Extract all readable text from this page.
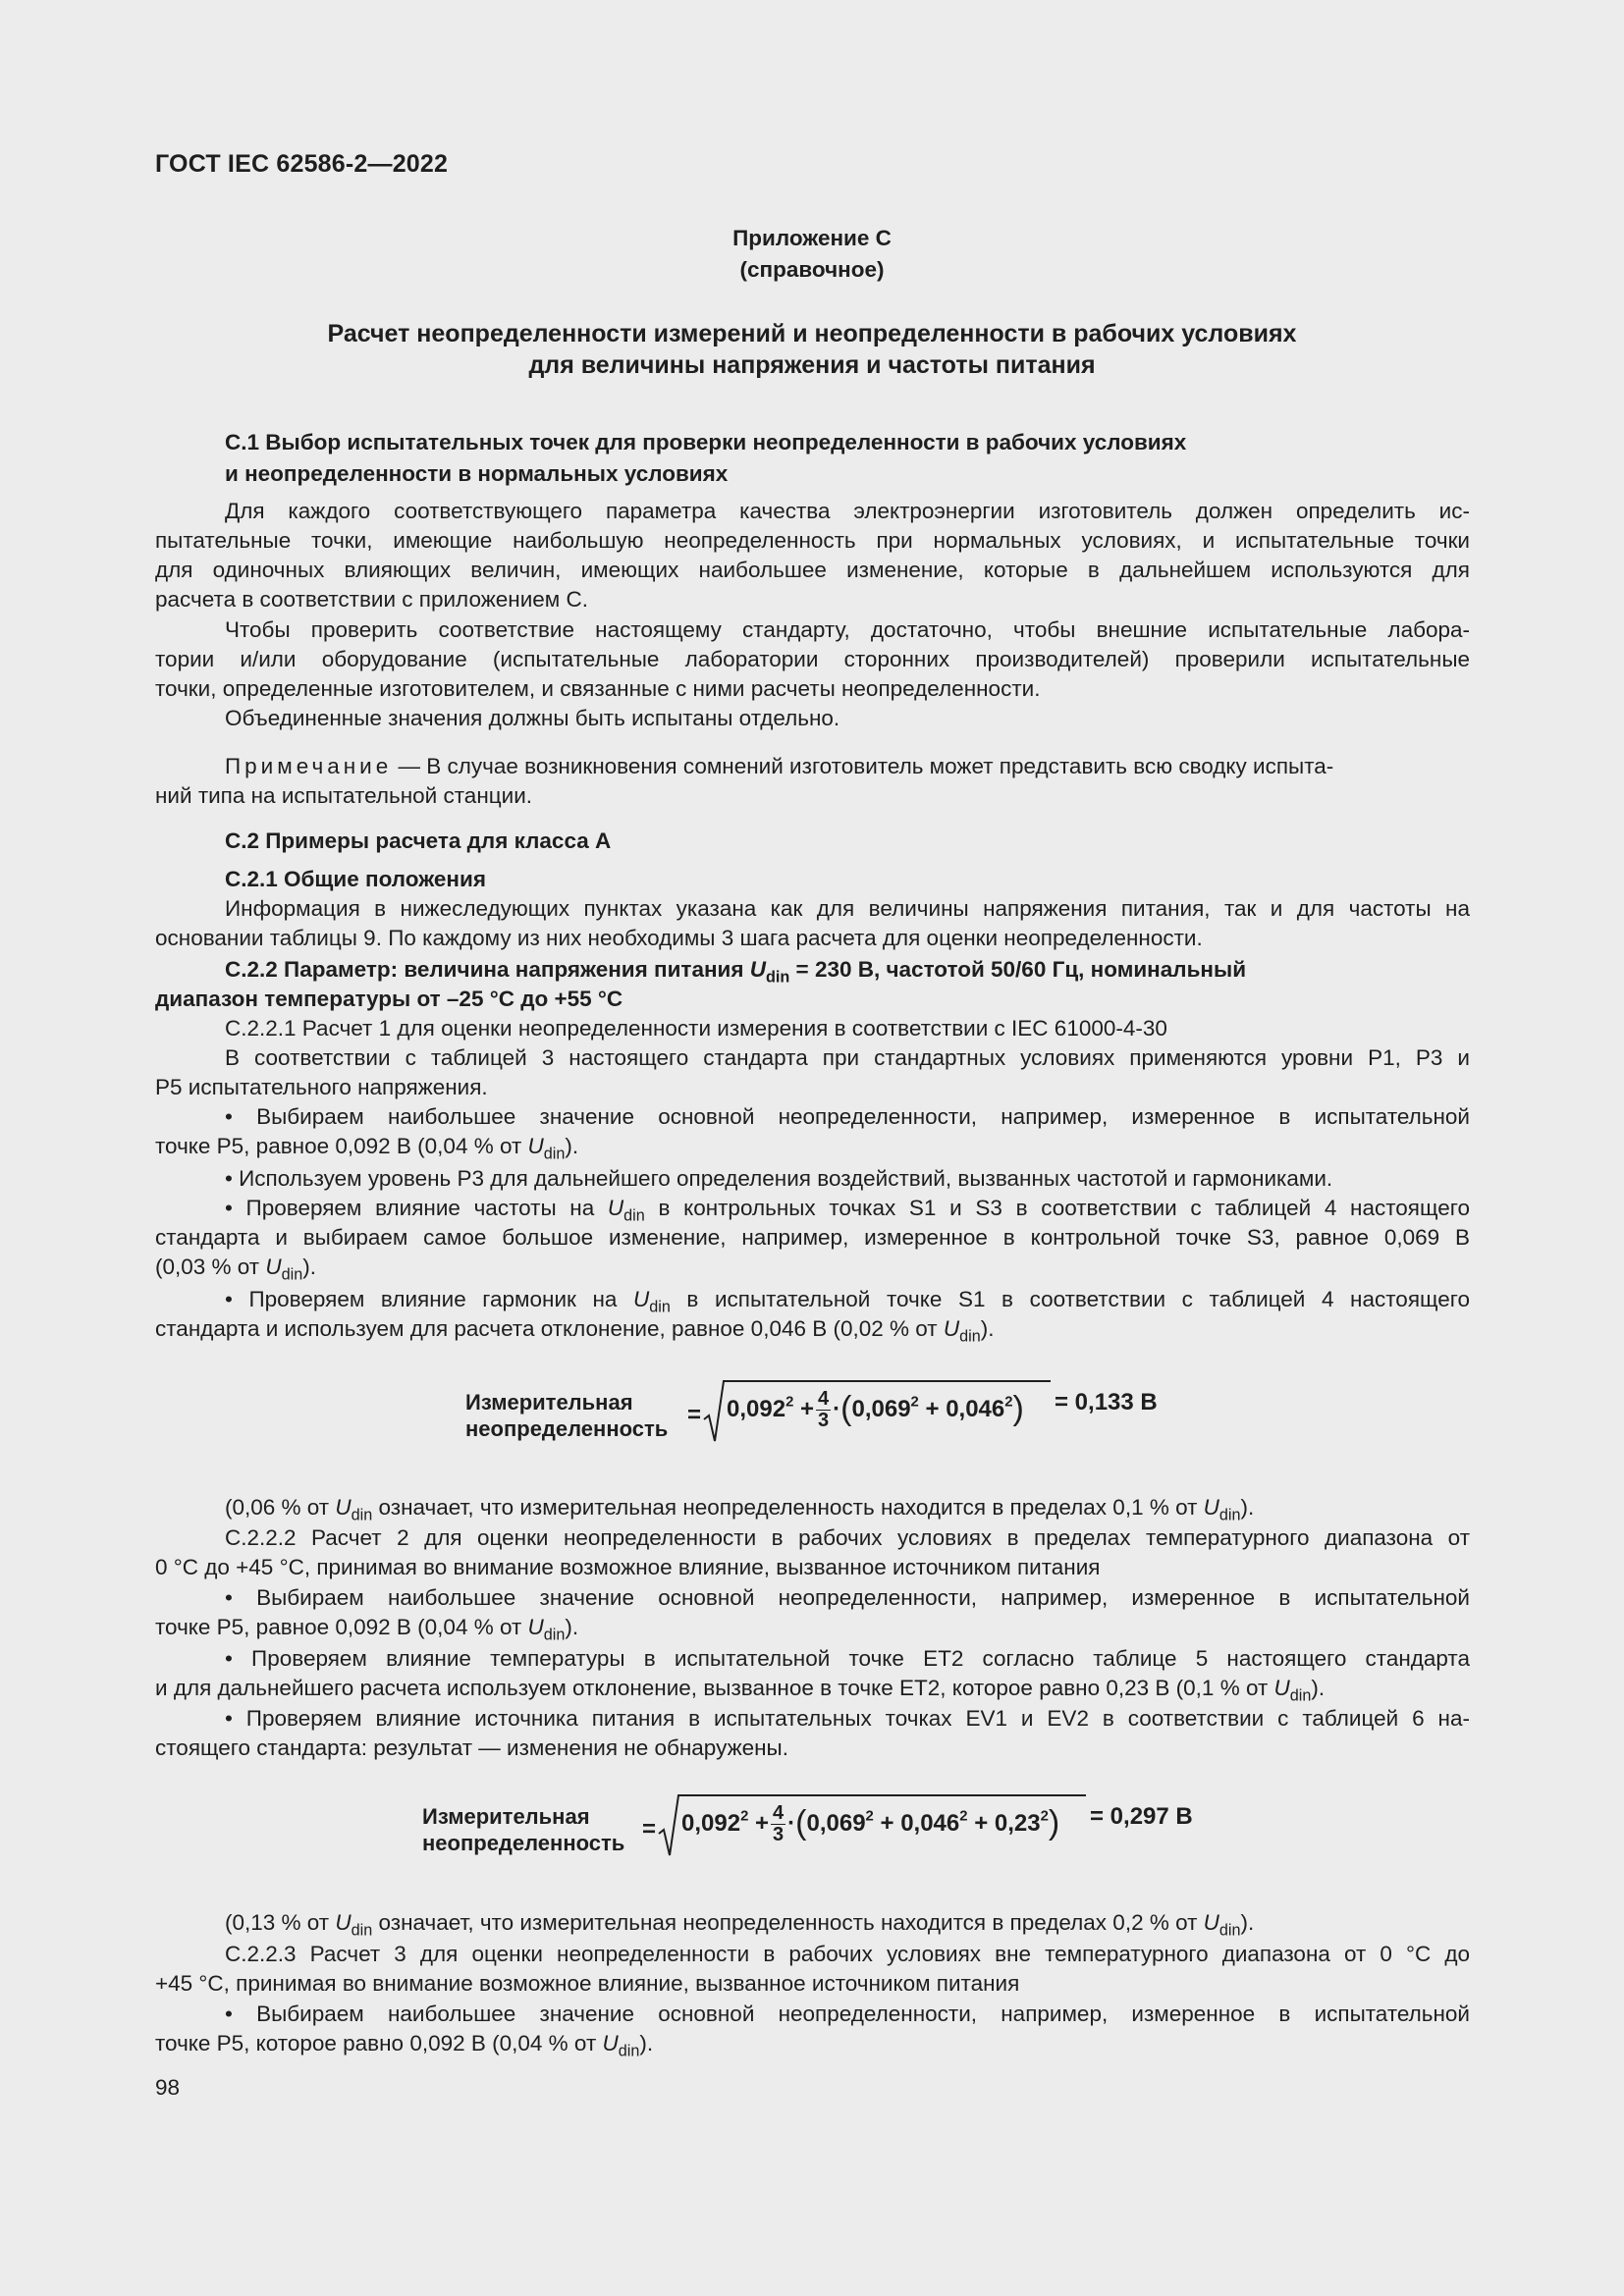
ГОСТ IEC 62586-2—2022
Приложение С
(справочное)
Расчет неопределенности измерений и неопределенности в рабочих условиях
для величины напряжения и частоты питания
С.1 Выбор испытательных точек для проверки неопределенности в рабочих условиях
и неопределенности в нормальных условиях
Для каждого соответствующего параметра качества электроэнергии изготовитель должен определить ис-
пытательные точки, имеющие наибольшую неопределенность при нормальных условиях, и испытательные точки
для одиночных влияющих величин, имеющих наибольшее изменение, которые в дальнейшем используются для
расчета в соответствии с приложением С.
Чтобы проверить соответствие настоящему стандарту, достаточно, чтобы внешние испытательные лабора-
тории и/или оборудование (испытательные лаборатории сторонних производителей) проверили испытательные
точки, определенные изготовителем, и связанные с ними расчеты неопределенности.
Объединенные значения должны быть испытаны отдельно.
Примечание — В случае возникновения сомнений изготовитель может представить всю сводку испыта-
ний типа на испытательной станции.
С.2 Примеры расчета для класса А
С.2.1 Общие положения
Информация в нижеследующих пунктах указана как для величины напряжения питания, так и для частоты на
основании таблицы 9. По каждому из них необходимы 3 шага расчета для оценки неопределенности.
С.2.2 Параметр: величина напряжения питания $U_{din} = 230$ В, частотой 50/60 Гц, номинальный
диапазон температуры от –25 °С до +55 °С
С.2.2.1 Расчет 1 для оценки неопределенности измерения в соответствии с IEC 61000-4-30
В соответствии с таблицей 3 настоящего стандарта при стандартных условиях применяются уровни Р1, Р3 и
Р5 испытательного напряжения.
• Выбираем наибольшее значение основной неопределенности, например, измеренное в испытательной
точке Р5, равное 0,092 В (0,04 % от $U_{din}$).
• Используем уровень Р3 для дальнейшего определения воздействий, вызванных частотой и гармониками.
• Проверяем влияние частоты на $U_{din}$ в контрольных точках S1 и S3 в соответствии с таблицей 4 настоящего
стандарта и выбираем самое большое изменение, например, измеренное в контрольной точке S3, равное 0,069 В
(0,03 % от $U_{din}$).
• Проверяем влияние гармоник на $U_{din}$ в испытательной точке S1 в соответствии с таблицей 4 настоящего
стандарта и используем для расчета отклонение, равное 0,046 В (0,02 % от $U_{din}$).
Измерительная
неопределенность
= $0,092^2 + \frac{4}{3} \cdot(0,069^2 + 0,046^2) = 0,133$ В
(0,06 % от $U_{din}$ означает, что измерительная неопределенность находится в пределах 0,1 % от $U_{din}$).
С.2.2.2 Расчет 2 для оценки неопределенности в рабочих условиях в пределах температурного диапазона от
0 °С до +45 °С, принимая во внимание возможное влияние, вызванное источником питания
• Выбираем наибольшее значение основной неопределенности, например, измеренное в испытательной
точке Р5, равное 0,092 В (0,04 % от $U_{din}$).
• Проверяем влияние температуры в испытательной точке ЕТ2 согласно таблице 5 настоящего стандарта
и для дальнейшего расчета используем отклонение, вызванное в точке ЕТ2, которое равно 0,23 В (0,1 % от $U_{din}$).
• Проверяем влияние источника питания в испытательных точках ЕV1 и ЕV2 в соответствии с таблицей 6 на-
стоящего стандарта: результат — изменения не обнаружены.
Измерительная
неопределенность
= $0,092^2 + \frac{4}{3} \cdot(0,069^2 + 0,046^2 + 0,23^2) = 0,297$ В
(0,13 % от $U_{din}$ означает, что измерительная неопределенность находится в пределах 0,2 % от $U_{din}$).
С.2.2.3 Расчет 3 для оценки неопределенности в рабочих условиях вне температурного диапазона от 0 °С до
+45 °С, принимая во внимание возможное влияние, вызванное источником питания
• Выбираем наибольшее значение основной неопределенности, например, измеренное в испытательной
точке Р5, которое равно 0,092 В (0,04 % от $U_{din}$).
98
